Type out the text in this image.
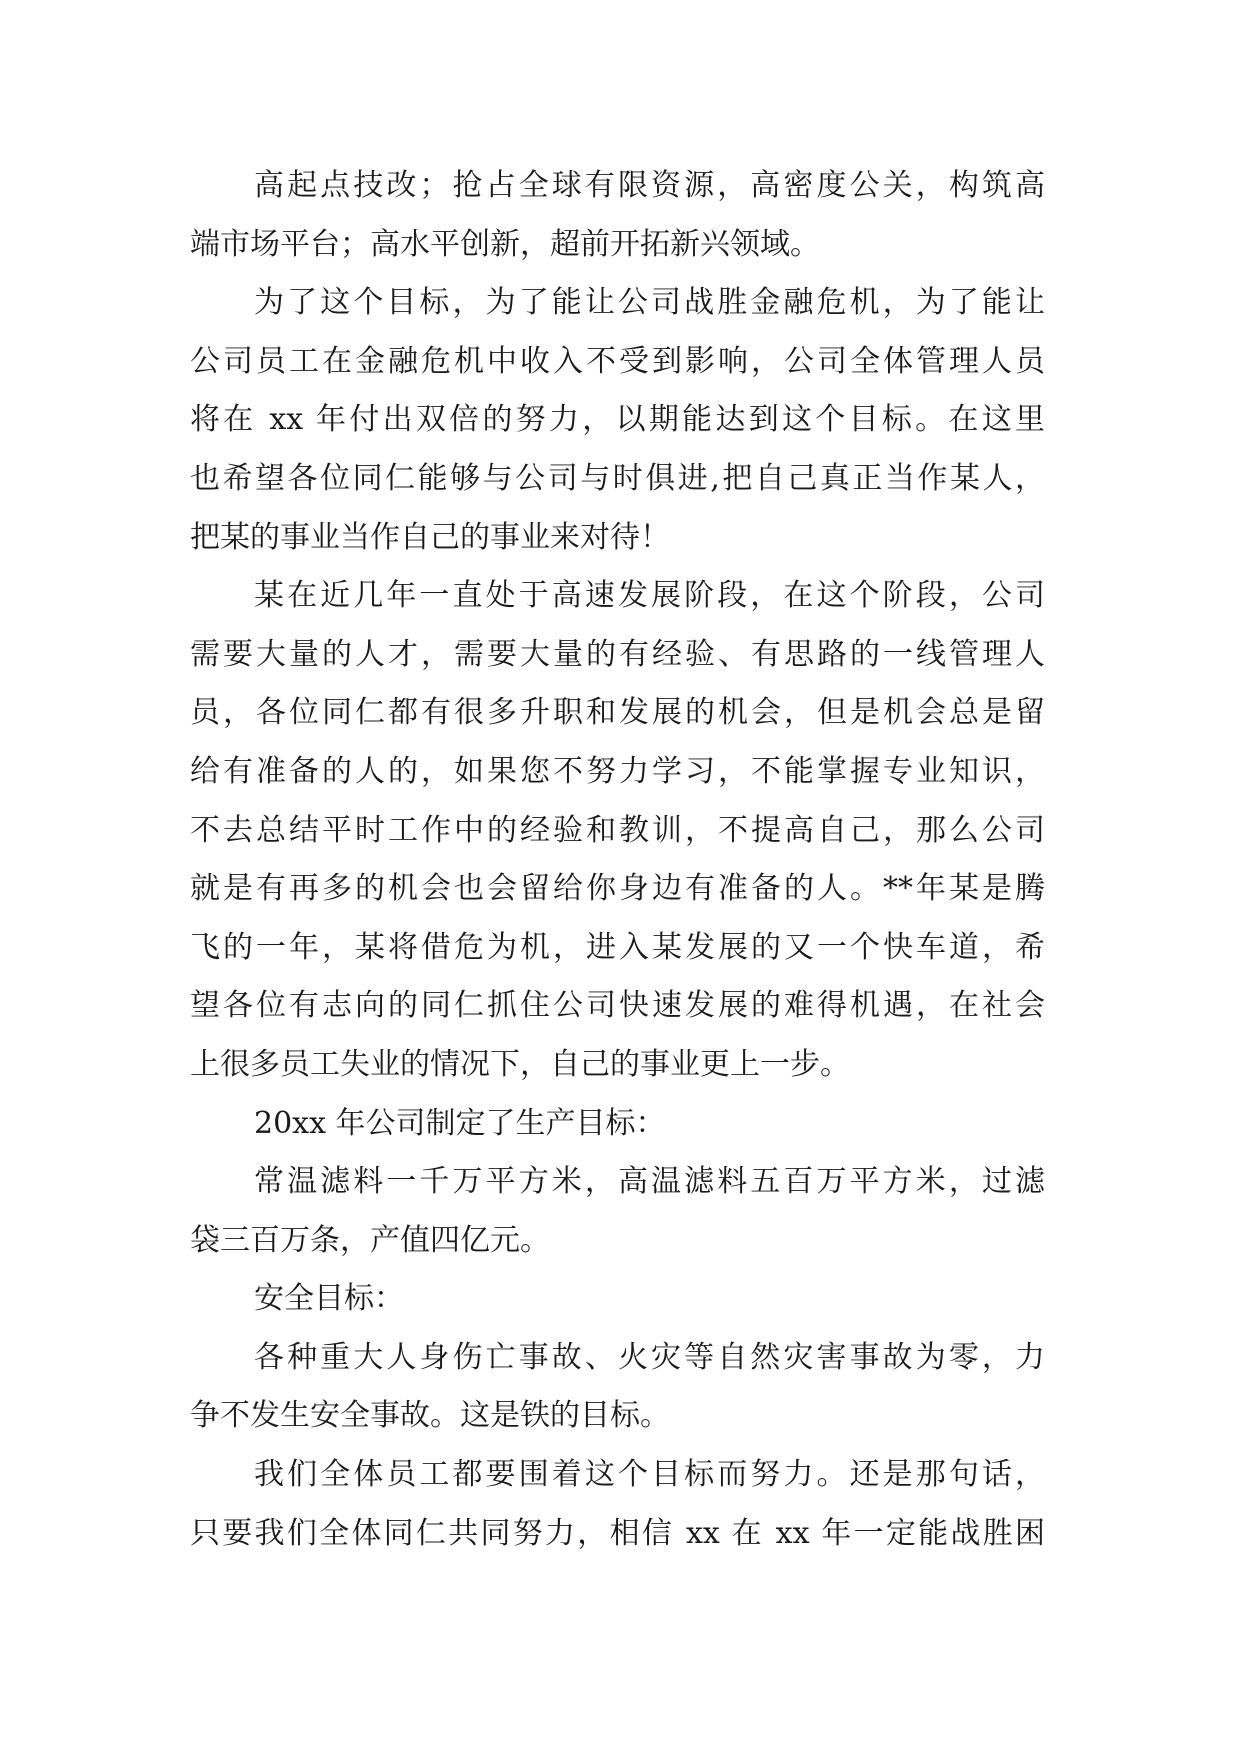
高起点技改；抢占全球有限资源，高密度公关，构筑高
端市场平台；高水平创新，超前开拓新兴领域。
为了这个目标，为了能让公司战胜金融危机，为了能让
公司员工在金融危机中收入不受到影响，公司全体管理人员
将在 xx 年付出双倍的努力，以期能达到这个目标。在这里
也希望各位同仁能够与公司与时俱进,把自己真正当作某人，
把某的事业当作自己的事业来对待！
某在近几年一直处于高速发展阶段，在这个阶段，公司
需要大量的人才，需要大量的有经验、有思路的一线管理人
员，各位同仁都有很多升职和发展的机会，但是机会总是留
给有准备的人的，如果您不努力学习，不能掌握专业知识，
不去总结平时工作中的经验和教训，不提高自己，那么公司
就是有再多的机会也会留给你身边有准备的人。**年某是腾
飞的一年，某将借危为机，进入某发展的又一个快车道，希
望各位有志向的同仁抓住公司快速发展的难得机遇，在社会
上很多员工失业的情况下，自己的事业更上一步。
20xx 年公司制定了生产目标：
常温滤料一千万平方米，高温滤料五百万平方米，过滤
袋三百万条，产值四亿元。
安全目标：
各种重大人身伤亡事故、火灾等自然灾害事故为零，力
争不发生安全事故。这是铁的目标。
我们全体员工都要围着这个目标而努力。还是那句话，
只要我们全体同仁共同努力，相信 xx 在 xx 年一定能战胜困
